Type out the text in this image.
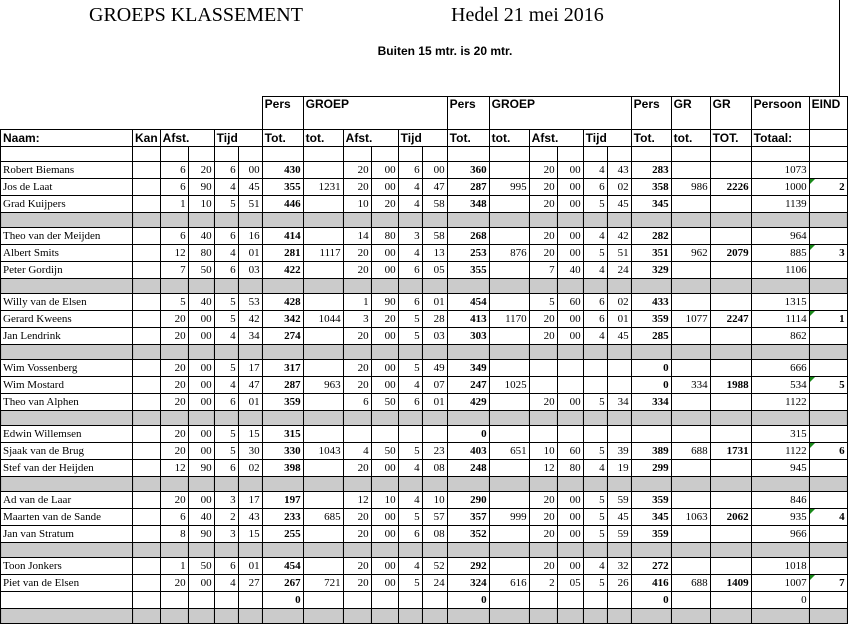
GROEPS KLASSEMENT	Hedel 21 mei 2016
Buiten 15 mtr. is 20 mtr.
						Pers	GROEP					Pers	GROEP					Pers	GR	GR	Persoon	EIND
Naam:	Kan	Afst.		Tijd		Tot.	tot.	Afst.		Tijd		Tot.	tot.	Afst.		Tijd		Tot.	tot.	TOT.	Totaal:	

Robert Biemans		6	20	6	00	430		20	00	6	00	360		20	00	4	43	283			1073	
Jos de Laat		6	90	4	45	355	1231	20	00	4	47	287	995	20	00	6	02	358	986	2226	1000	2

Grad Kuijpers		1	10	5	51	446		10	20	4	58	348		20	00	5	45	345			1139	

Theo van der Meijden		6	40	6	16	414		14	80	3	58	268		20	00	4	42	282			964	
Albert Smits		12	80	4	01	281	1117	20	00	4	13	253	876	20	00	5	51	351	962	2079	885	3

Peter Gordijn		7	50	6	03	422		20	00	6	05	355		7	40	4	24	329			1106	

Willy van de Elsen		5	40	5	53	428		1	90	6	01	454		5	60	6	02	433			1315	
Gerard Kweens		20	00	5	42	342	1044	3	20	5	28	413	1170	20	00	6	01	359	1077	2247	1114	1

Jan Lendrink		20	00	4	34	274		20	00	5	03	303		20	00	4	45	285			862	

Wim Vossenberg		20	00	5	17	317		20	00	5	49	349						0			666	
Wim Mostard		20	00	4	47	287	963	20	00	4	07	247	1025					0	334	1988	534	5

Theo van Alphen		20	00	6	01	359		6	50	6	01	429		20	00	5	34	334			1122	

Edwin Willemsen		20	00	5	15	315						0									315	
Sjaak van de Brug		20	00	5	30	330	1043	4	50	5	23	403	651	10	60	5	39	389	688	1731	1122	6

Stef van der Heijden		12	90	6	02	398		20	00	4	08	248		12	80	4	19	299			945	

Ad van de Laar		20	00	3	17	197		12	10	4	10	290		20	00	5	59	359			846	
Maarten van de Sande		6	40	2	43	233	685	20	00	5	57	357	999	20	00	5	45	345	1063	2062	935	4

Jan van Stratum		8	90	3	15	255		20	00	6	08	352		20	00	5	59	359			966	

Toon Jonkers		1	50	6	01	454		20	00	4	52	292		20	00	4	32	272			1018	
Piet van de Elsen		20	00	4	27	267	721	20	00	5	24	324	616	2	05	5	26	416	688	1409	1007	7

						0						0						0			0	
